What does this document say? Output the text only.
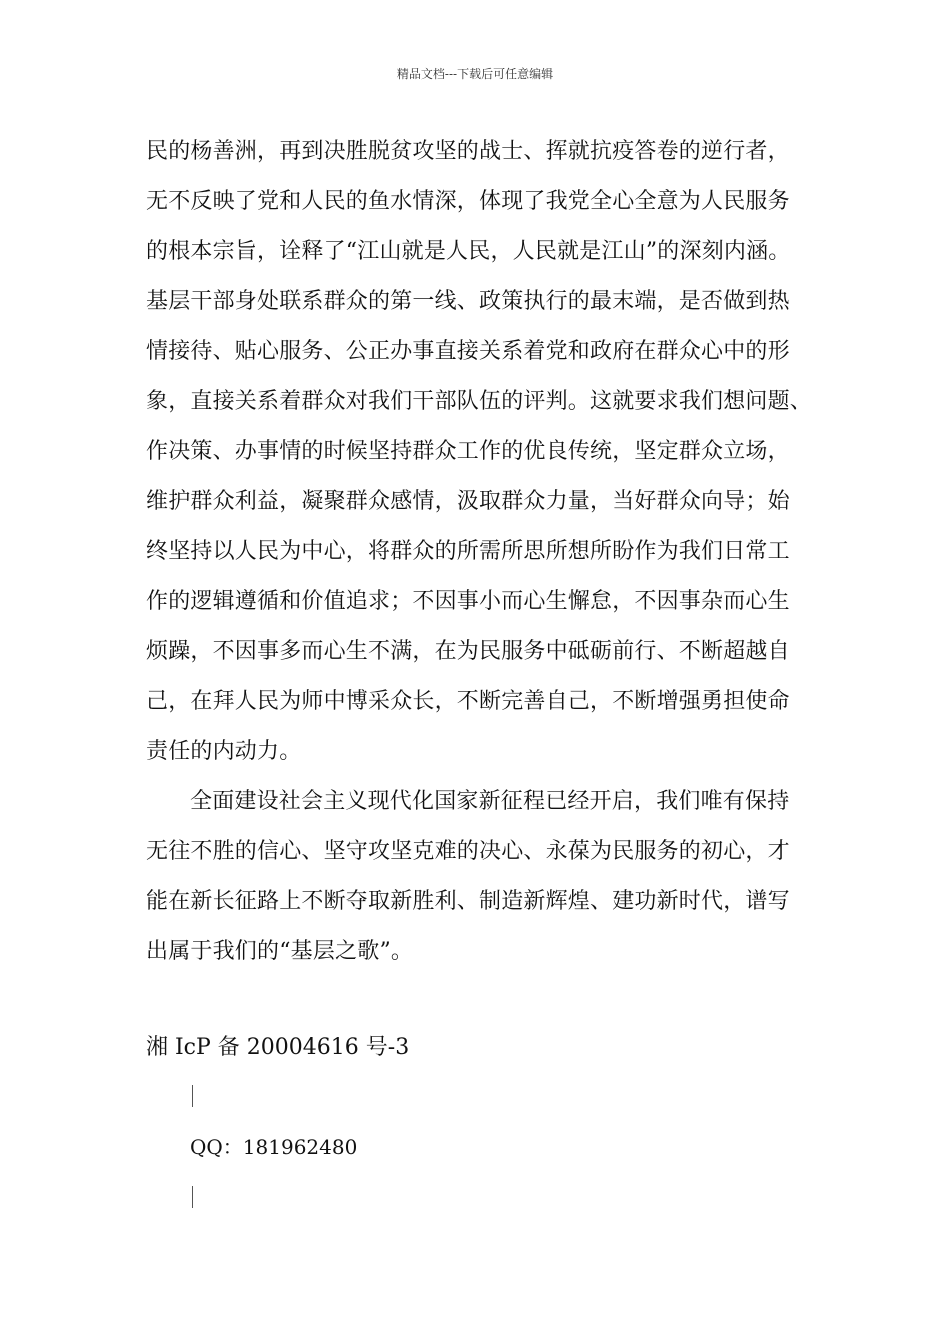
精品文档---下载后可任意编辑
民的杨善洲，再到决胜脱贫攻坚的战士、挥就抗疫答卷的逆行者，
无不反映了党和人民的鱼水情深，体现了我党全心全意为人民服务
的根本宗旨，诠释了“江山就是人民，人民就是江山”的深刻内涵。
基层干部身处联系群众的第一线、政策执行的最末端，是否做到热
情接待、贴心服务、公正办事直接关系着党和政府在群众心中的形
象，直接关系着群众对我们干部队伍的评判。这就要求我们想问题、
作决策、办事情的时候坚持群众工作的优良传统，坚定群众立场，
维护群众利益，凝聚群众感情，汲取群众力量，当好群众向导；始
终坚持以人民为中心，将群众的所需所思所想所盼作为我们日常工
作的逻辑遵循和价值追求；不因事小而心生懈怠，不因事杂而心生
烦躁，不因事多而心生不满，在为民服务中砥砺前行、不断超越自
己，在拜人民为师中博采众长，不断完善自己，不断增强勇担使命
责任的内动力。
全面建设社会主义现代化国家新征程已经开启，我们唯有保持
无往不胜的信心、坚守攻坚克难的决心、永葆为民服务的初心，才
能在新长征路上不断夺取新胜利、制造新辉煌、建功新时代，谱写
出属于我们的“基层之歌”。
湘 IcP 备 20004616 号-3
QQ：181962480
